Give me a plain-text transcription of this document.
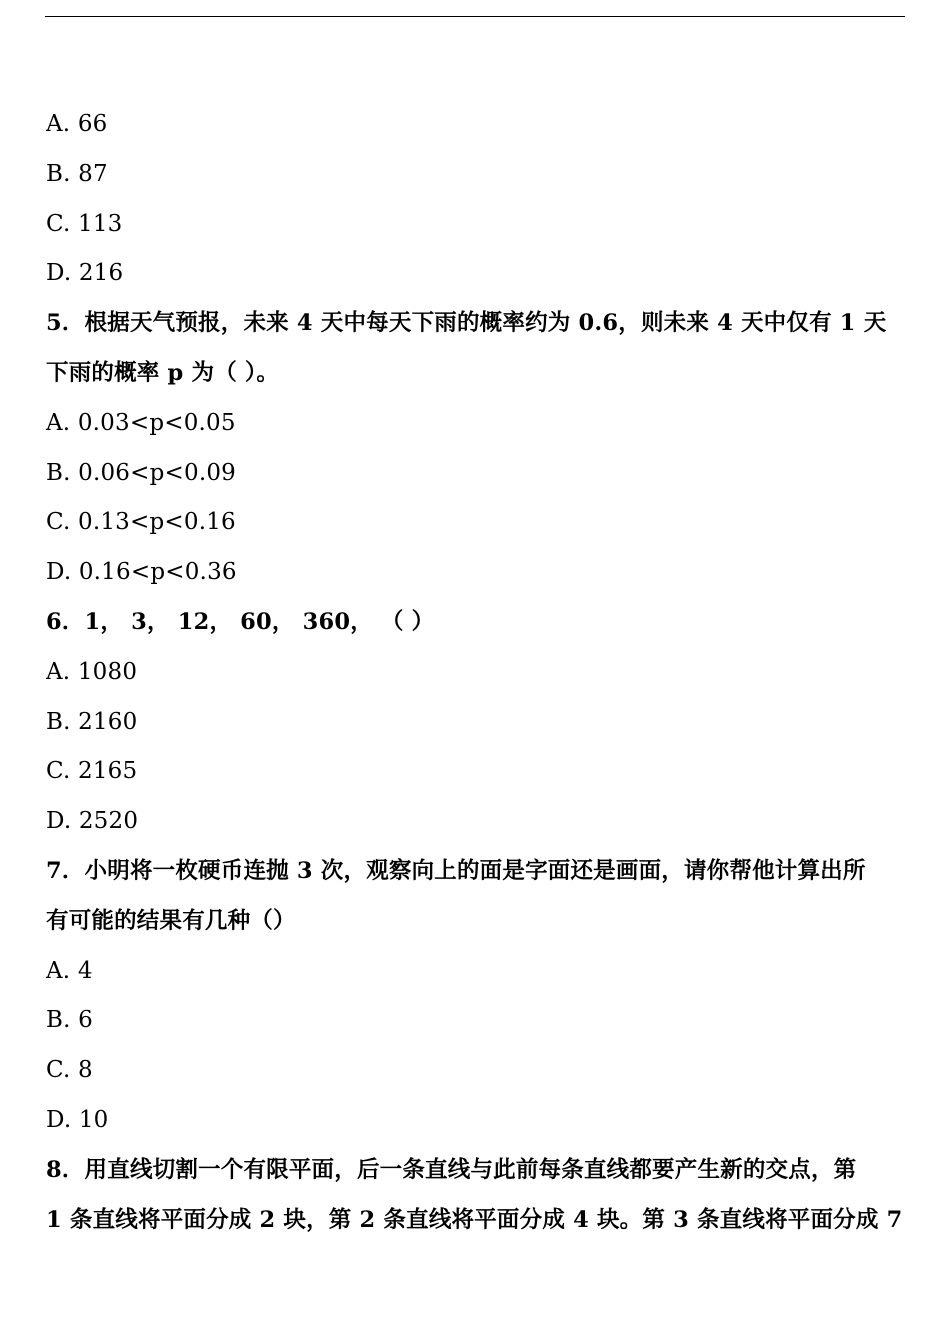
A. 66
B. 87
C. 113
D. 216
5．根据天气预报，未来 4 天中每天下雨的概率约为 0.6，则未来 4 天中仅有 1 天
下雨的概率 p 为（ ）。
A. 0.03<p<0.05
B. 0.06<p<0.09
C. 0.13<p<0.16
D. 0.16<p<0.36
6．1， 3， 12， 60， 360， （ ）
A. 1080
B. 2160
C. 2165
D. 2520
7．小明将一枚硬币连抛 3 次，观察向上的面是字面还是画面，请你帮他计算出所
有可能的结果有几种（）
A. 4
B. 6
C. 8
D. 10
8．用直线切割一个有限平面，后一条直线与此前每条直线都要产生新的交点，第
1 条直线将平面分成 2 块，第 2 条直线将平面分成 4 块。第 3 条直线将平面分成 7
